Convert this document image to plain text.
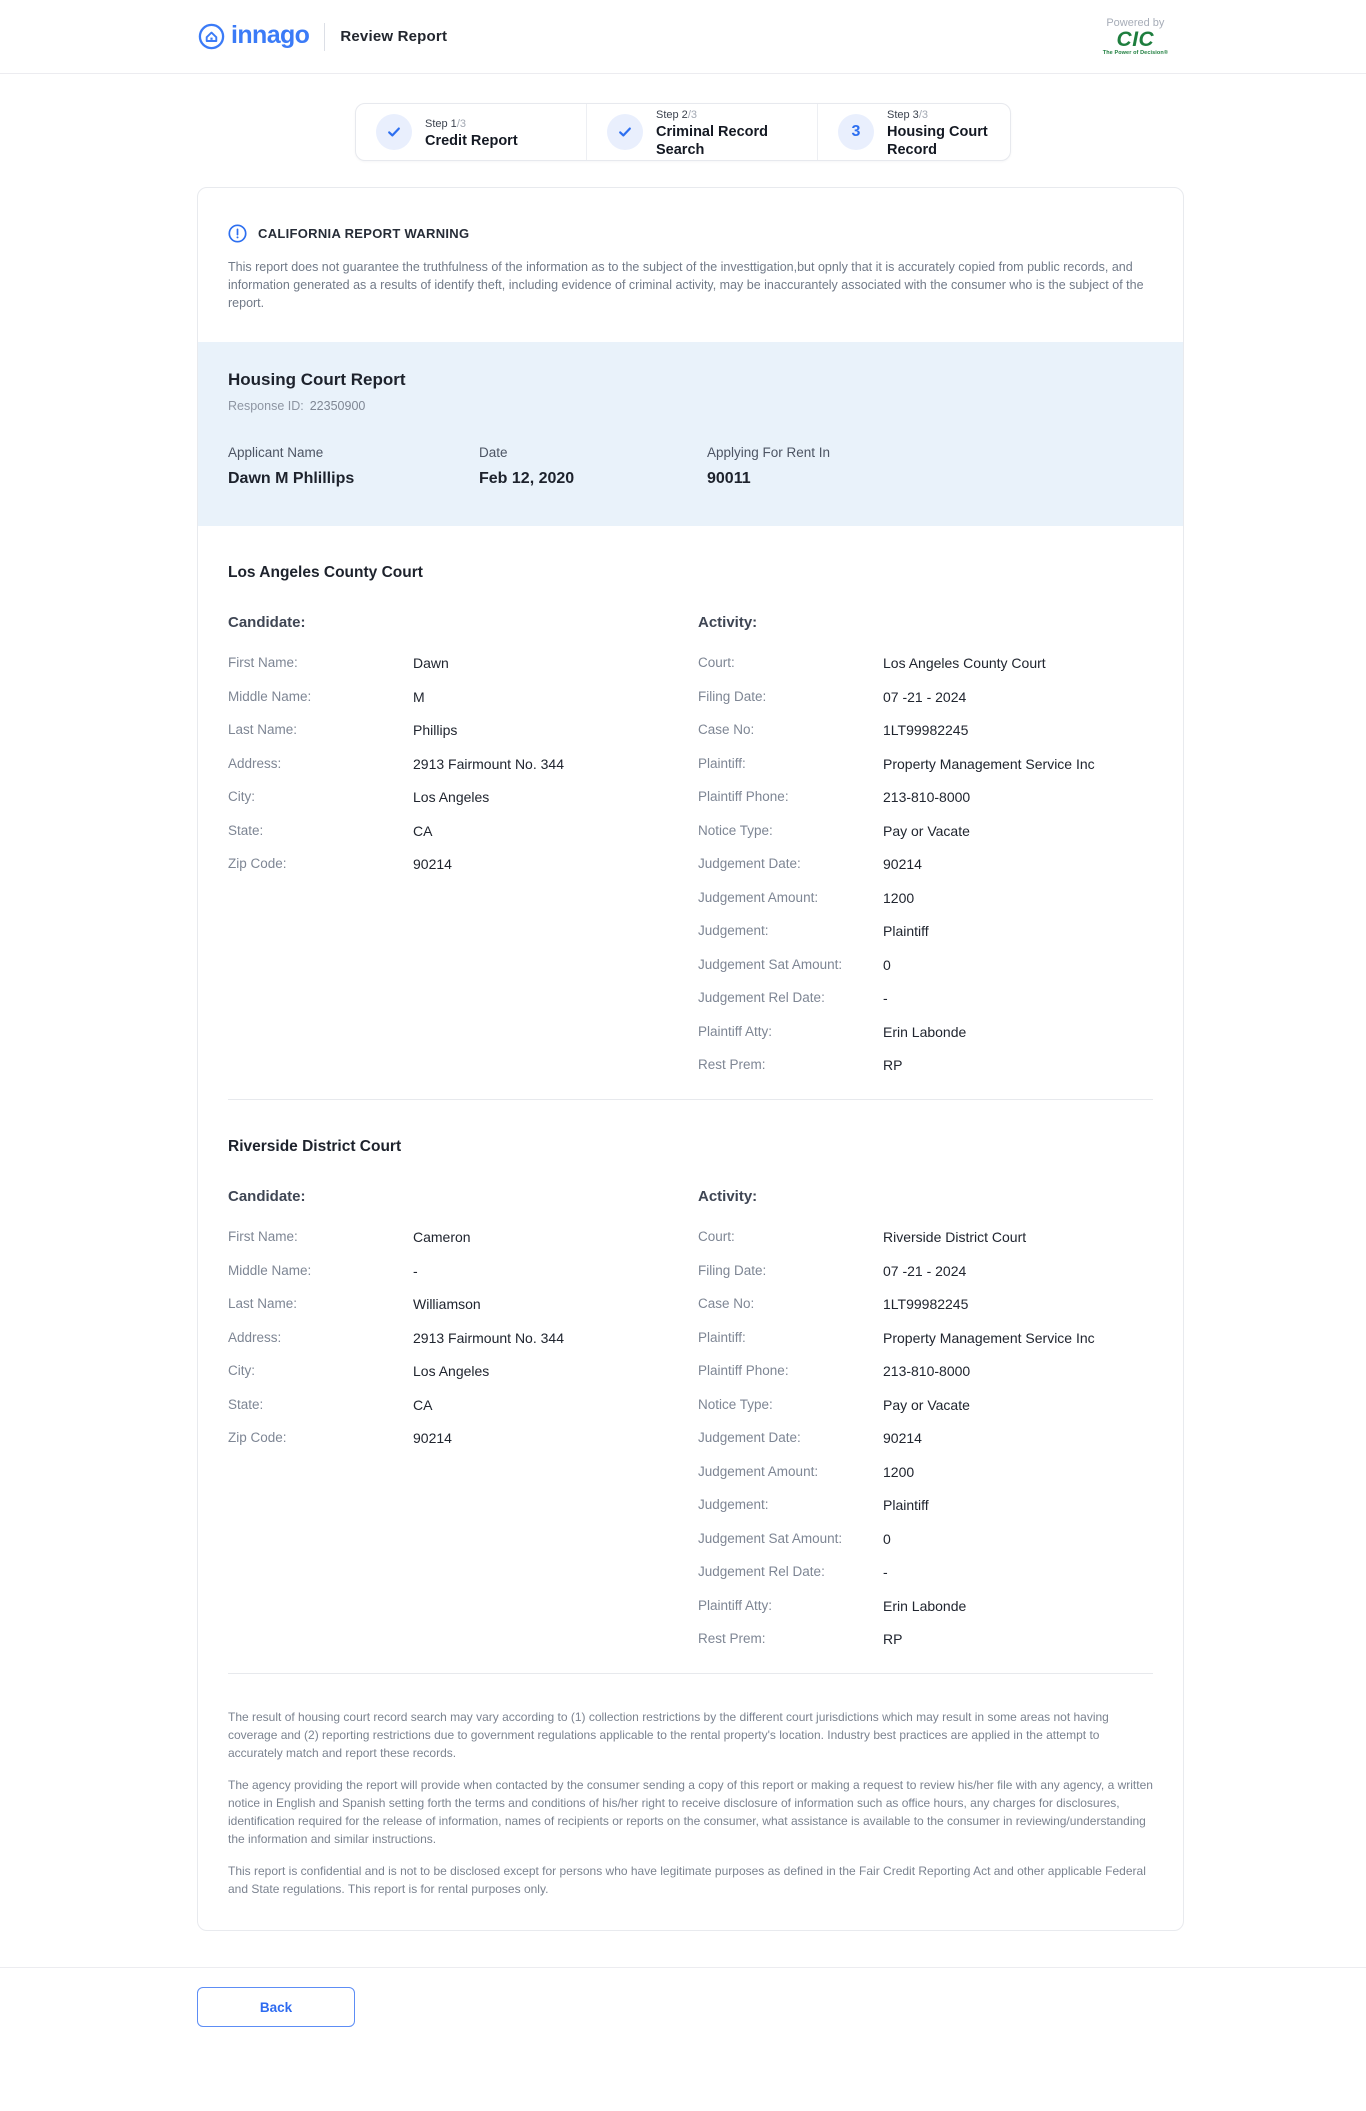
innago Review Report
Powered by
CIC
The Power of Decision®
Step 1/3
Credit Report
Step 2/3
Criminal Record Search
3
Step 3/3
Housing Court Record
CALIFORNIA REPORT WARNING

This report does not guarantee the truthfulness of the information as to the subject of the investtigation,but opnly that it is accurately copied from public records, and information generated as a results of identify theft, including evidence of criminal activity, may be inaccurantely associated with the consumer who is the subject of the report.

Housing Court Report
Response ID: 22350900
Applicant Name
Dawn M Phlillips
Date
Feb 12, 2020
Applying For Rent In
90011
Los Angeles County Court

Candidate:

First Name:	Dawn
Middle Name:	M
Last Name:	Phillips
Address:	2913 Fairmount No. 344
City:	Los Angeles
State:	CA
Zip Code:	90214

Activity:

Court:	Los Angeles County Court
Filing Date:	07 -21 - 2024
Case No:	1LT99982245
Plaintiff:	Property Management Service Inc
Plaintiff Phone:	213-810-8000
Notice Type:	Pay or Vacate
Judgement Date:	90214
Judgement Amount:	1200
Judgement:	Plaintiff
Judgement Sat Amount:	0
Judgement Rel Date:	-
Plaintiff Atty:	Erin Labonde
Rest Prem:	RP
Riverside District Court

Candidate:

First Name:	Cameron
Middle Name:	-
Last Name:	Williamson
Address:	2913 Fairmount No. 344
City:	Los Angeles
State:	CA
Zip Code:	90214

Activity:

Court:	Riverside District Court
Filing Date:	07 -21 - 2024
Case No:	1LT99982245
Plaintiff:	Property Management Service Inc
Plaintiff Phone:	213-810-8000
Notice Type:	Pay or Vacate
Judgement Date:	90214
Judgement Amount:	1200
Judgement:	Plaintiff
Judgement Sat Amount:	0
Judgement Rel Date:	-
Plaintiff Atty:	Erin Labonde
Rest Prem:	RP

The result of housing court record search may vary according to (1) collection restrictions by the different court jurisdictions which may result in some areas not having coverage and (2) reporting restrictions due to government regulations applicable to the rental property's location. Industry best practices are applied in the attempt to accurately match and report these records.

The agency providing the report will provide when contacted by the consumer sending a copy of this report or making a request to review his/her file with any agency, a written notice in English and Spanish setting forth the terms and conditions of his/her right to receive disclosure of information such as office hours, any charges for disclosures, identification required for the release of information, names of recipients or reports on the consumer, what assistance is available to the consumer in reviewing/understanding the information and similar instructions.

This report is confidential and is not to be disclosed except for persons who have legitimate purposes as defined in the Fair Credit Reporting Act and other applicable Federal and State regulations. This report is for rental purposes only.

Back
